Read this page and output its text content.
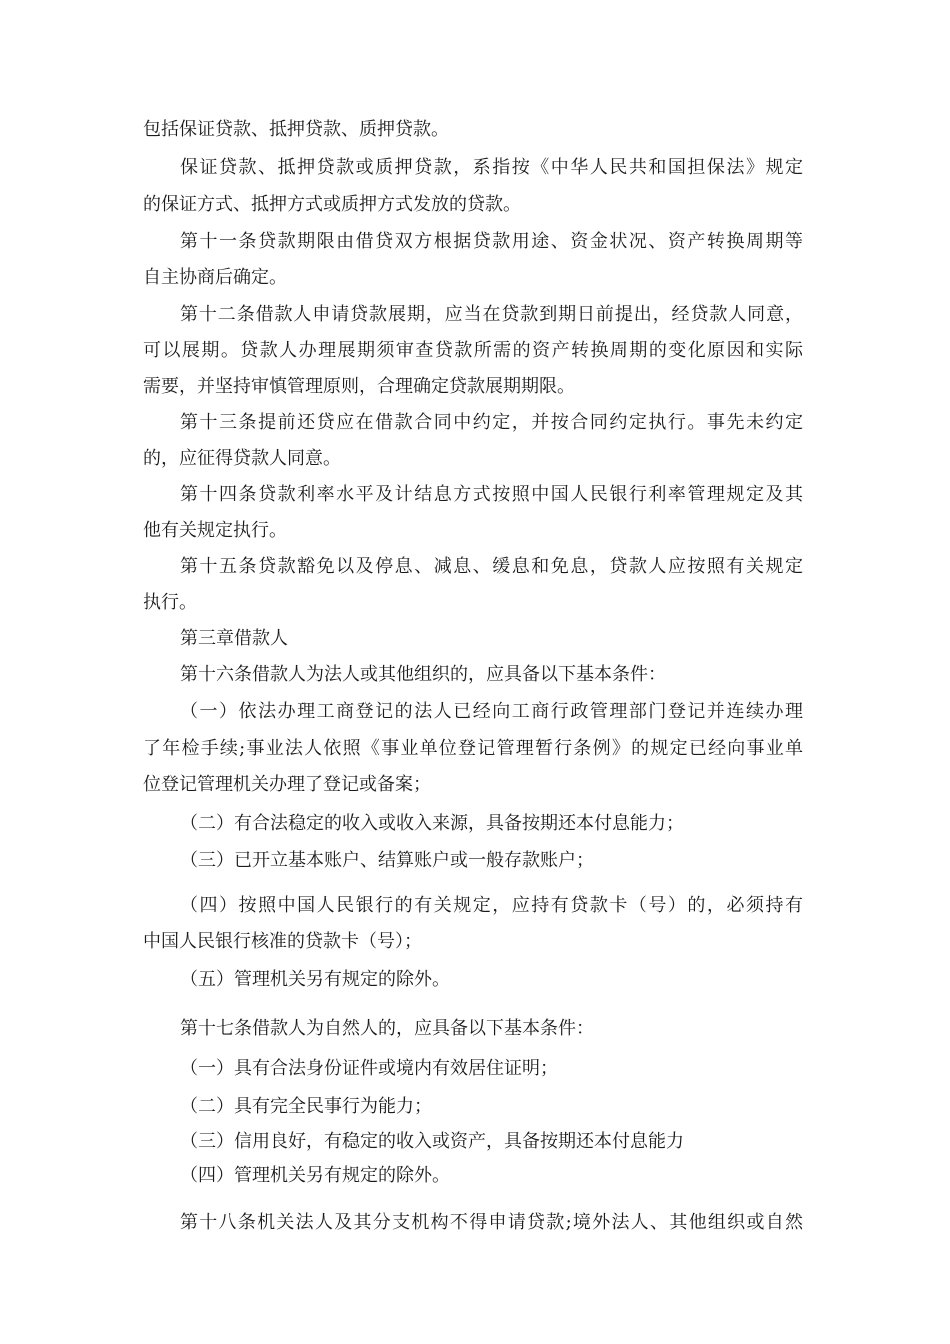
包括保证贷款、抵押贷款、质押贷款。
保证贷款、抵押贷款或质押贷款，系指按《中华人民共和国担保法》规定
的保证方式、抵押方式或质押方式发放的贷款。
第十一条贷款期限由借贷双方根据贷款用途、资金状况、资产转换周期等
自主协商后确定。
第十二条借款人申请贷款展期，应当在贷款到期日前提出，经贷款人同意，
可以展期。贷款人办理展期须审查贷款所需的资产转换周期的变化原因和实际
需要，并坚持审慎管理原则，合理确定贷款展期期限。
第十三条提前还贷应在借款合同中约定，并按合同约定执行。事先未约定
的，应征得贷款人同意。
第十四条贷款利率水平及计结息方式按照中国人民银行利率管理规定及其
他有关规定执行。
第十五条贷款豁免以及停息、减息、缓息和免息，贷款人应按照有关规定
执行。
第三章借款人
第十六条借款人为法人或其他组织的，应具备以下基本条件：
（一）依法办理工商登记的法人已经向工商行政管理部门登记并连续办理
了年检手续;事业法人依照《事业单位登记管理暂行条例》的规定已经向事业单
位登记管理机关办理了登记或备案；
（二）有合法稳定的收入或收入来源，具备按期还本付息能力；
（三）已开立基本账户、结算账户或一般存款账户；
（四）按照中国人民银行的有关规定，应持有贷款卡（号）的，必须持有
中国人民银行核准的贷款卡（号）；
（五）管理机关另有规定的除外。
第十七条借款人为自然人的，应具备以下基本条件：
（一）具有合法身份证件或境内有效居住证明；
（二）具有完全民事行为能力；
（三）信用良好，有稳定的收入或资产，具备按期还本付息能力
（四）管理机关另有规定的除外。
第十八条机关法人及其分支机构不得申请贷款;境外法人、其他组织或自然
